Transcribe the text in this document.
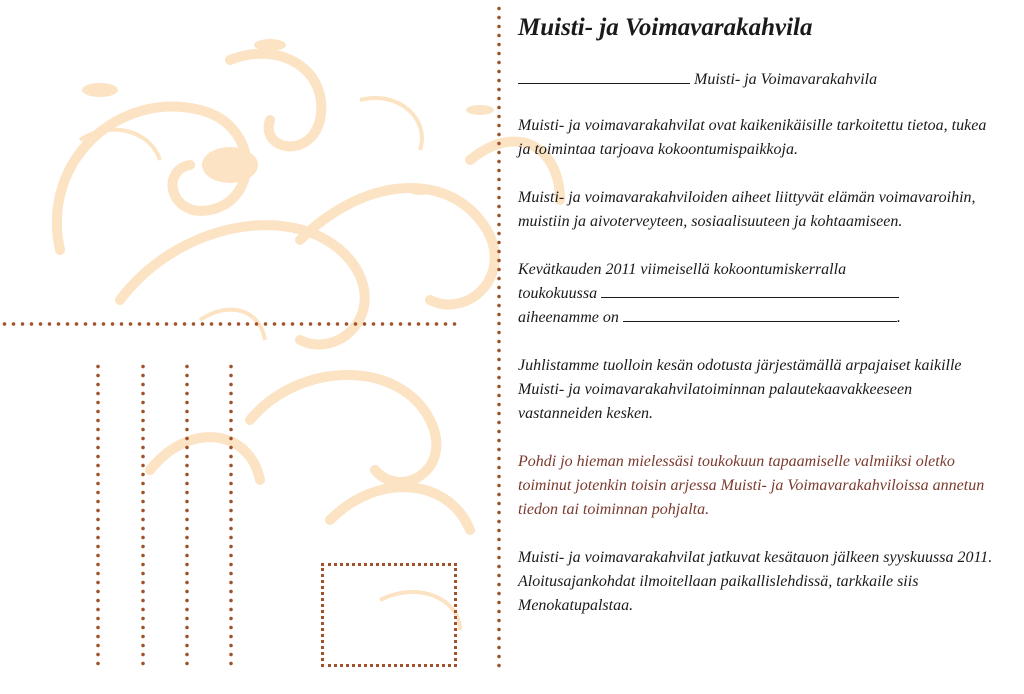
Muisti- ja Voimavarakahvila

Muisti- ja Voimavarakahvila

Muisti- ja voimavarakahvilat ovat kaikenikäisille tarkoitettu tietoa, tukea ja toimintaa tarjoava kokoontumispaikkoja.

Muisti- ja voimavarakahviloiden aiheet liittyvät elämän voimavaroihin, muistiin ja aivoterveyteen, sosiaalisuuteen ja kohtaamiseen.

Kevätkauden 2011 viimeisellä kokoontumiskerralla
toukokuussa
aiheenamme on	.

Juhlistamme tuolloin kesän odotusta järjestämällä arpajaiset kaikille Muisti- ja voimavarakahvilatoiminnan palautekaavakkeeseen vastanneiden kesken.

Pohdi jo hieman mielessäsi toukokuun tapaamiselle valmiiksi oletko toiminut jotenkin toisin arjessa Muisti- ja Voimavarakahviloissa annetun tiedon tai toiminnan pohjalta.

Muisti- ja voimavarakahvilat jatkuvat kesätauon jälkeen syyskuussa 2011. Aloitusajankohdat ilmoitellaan paikallislehdissä, tarkkaile siis Menokatupalstaa.
